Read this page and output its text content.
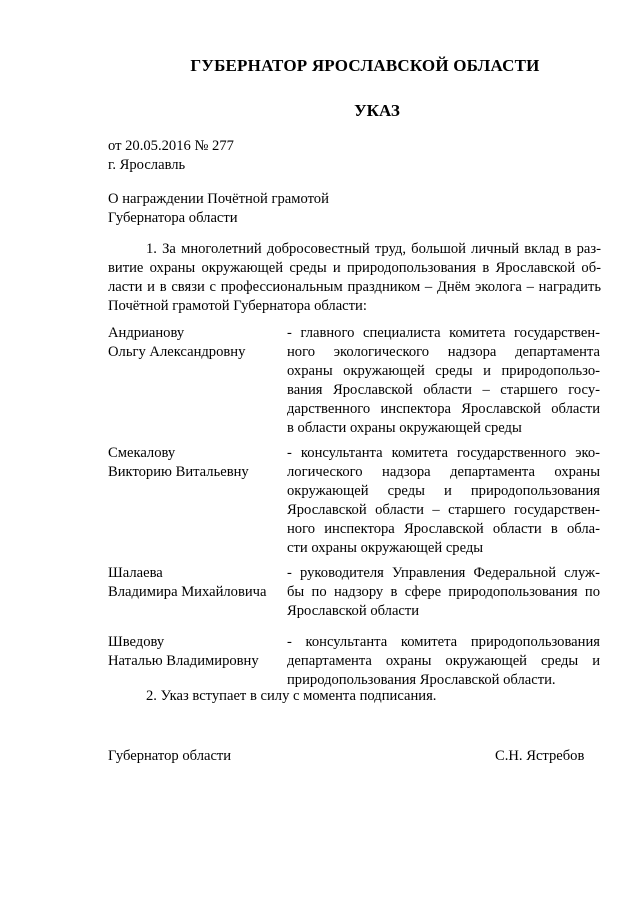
ГУБЕРНАТОР ЯРОСЛАВСКОЙ ОБЛАСТИ
УКАЗ
от 20.05.2016 № 277
г. Ярославль
О награждении Почётной грамотой
Губернатора области
1. За многолетний добросовестный труд, большой личный вклад в раз-
витие охраны окружающей среды и природопользования в Ярославской об-
ласти и в связи с профессиональным праздником – Днём эколога – наградить
Почётной грамотой Губернатора области:
Андрианову
Ольгу Александровну
- главного специалиста комитета государствен-
ного экологического надзора департамента
охраны окружающей среды и природопользо-
вания Ярославской области – старшего госу-
дарственного инспектора Ярославской области
в области охраны окружающей среды
Смекалову
Викторию Витальевну
- консультанта комитета государственного эко-
логического надзора департамента охраны
окружающей среды и природопользования
Ярославской области – старшего государствен-
ного инспектора Ярославской области в обла-
сти охраны окружающей среды
Шалаева
Владимира Михайловича
- руководителя Управления Федеральной служ-
бы по надзору в сфере природопользования по
Ярославской области
Шведову
Наталью Владимировну
- консультанта комитета природопользования
департамента охраны окружающей среды и
природопользования Ярославской области.
2. Указ вступает в силу с момента подписания.
Губернатор области	С.Н. Ястребов
